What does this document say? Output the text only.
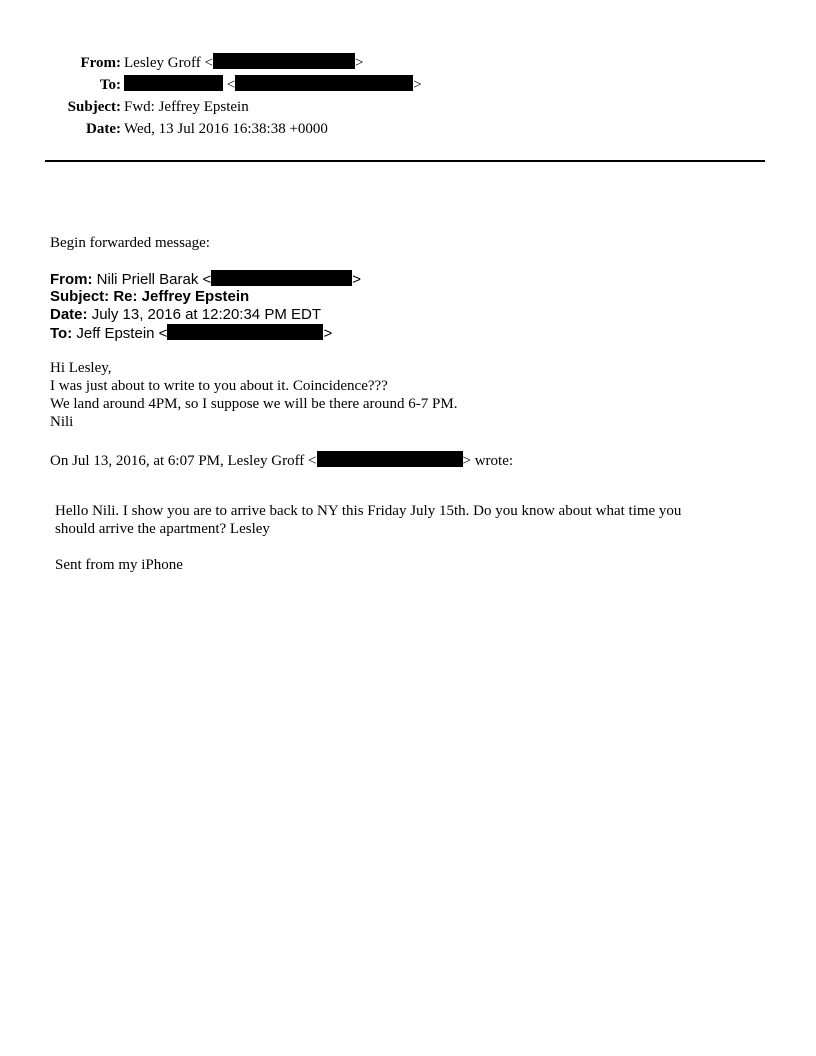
From: Lesley Groff <	>
To:	<	>
Subject: Fwd: Jeffrey Epstein
Date: Wed, 13 Jul 2016 16:38:38 +0000
Begin forwarded message:
From: Nili Priell Barak <	>
Subject: Re: Jeffrey Epstein
Date: July 13, 2016 at 12:20:34 PM EDT
To: Jeff Epstein <	>
Hi Lesley,
I was just about to write to you about it. Coincidence???
We land around 4PM, so I suppose we will be there around 6-7 PM.
Nili
On Jul 13, 2016, at 6:07 PM, Lesley Groff <	> wrote:
Hello Nili. I show you are to arrive back to NY this Friday July 15th. Do you know about what time you
should arrive the apartment? Lesley
Sent from my iPhone
